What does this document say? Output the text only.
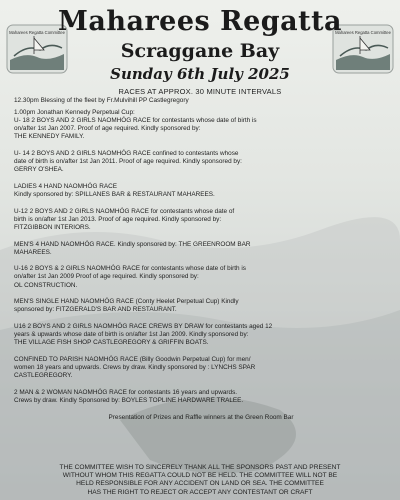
Maharees Regatta Committee	Maharees Regatta Committee
Maharees Regatta
Scraggane Bay
Sunday 6th July 2025
RACES AT APPROX. 30 MINUTE INTERVALS
12.30pm Blessing of the fleet by Fr.Mulvihill PP Castlegregory
1.00pm Jonathan Kennedy Perpetual Cup:
U- 18 2 BOYS AND 2 GIRLS NAOMHÓG RACE for contestants whose date of birth is
on/after 1st Jan 2007. Proof of age required. Kindly sponsored by:
THE KENNEDY FAMILY.
U- 14 2 BOYS AND 2 GIRLS NAOMHÓG RACE confined to contestants whose
date of birth is on/after 1st Jan 2011. Proof of age required. Kindly sponsored by:
GERRY O'SHEA.
LADIES 4 HAND NAOMHÓG RACE
Kindly sponsored by: SPILLANES BAR & RESTAURANT MAHAREES.
U-12 2 BOYS AND 2 GIRLS NAOMHÓG RACE for contestants whose date of
birth is on/after 1st Jan 2013. Proof of age required. Kindly sponsored by:
FITZGIBBON INTERIORS.
MEN'S 4 HAND NAOMHÓG RACE. Kindly sponsored by: THE GREENROOM BAR
MAHAREES.
U-16 2 BOYS & 2 GIRLS NAOMHÓG RACE for contestants whose date of birth is
on/after 1st Jan 2009 Proof of age required. Kindly sponsored by:
OL CONSTRUCTION.
MEN'S SINGLE HAND NAOMHÓG RACE (Conty Heelet Perpetual Cup) Kindly
sponsored by: FITZGERALD'S BAR AND RESTAURANT.
U16 2 BOYS AND 2 GIRLS NAOMHÓG RACE CREWS BY DRAW for contestants aged 12
years & upwards whose date of birth is on/after 1st Jan 2009. Kindly sponsored by:
THE VILLAGE FISH SHOP CASTLEGREGORY & GRIFFIN BOATS.
CONFINED TO PARISH NAOMHÓG RACE (Billy Goodwin Perpetual Cup) for men/
women 18 years and upwards. Crews by draw. Kindly sponsored by : LYNCHS SPAR
CASTLEGREGORY.
2 MAN & 2 WOMAN NAOMHÓG RACE for contestants 16 years and upwards.
Crews by draw. Kindly Sponsored by: BOYLES TOPLINE HARDWARE TRALEE.
Presentation of Prizes and Raffle winners at the Green Room Bar
THE COMMITTEE WISH TO SINCERELY THANK ALL THE SPONSORS PAST AND PRESENT
WITHOUT WHOM THIS REGATTA COULD NOT BE HELD. THE COMMITTEE WILL NOT BE
HELD RESPONSIBLE FOR ANY ACCIDENT ON LAND OR SEA. THE COMMITTEE
HAS THE RIGHT TO REJECT OR ACCEPT ANY CONTESTANT OR CRAFT
